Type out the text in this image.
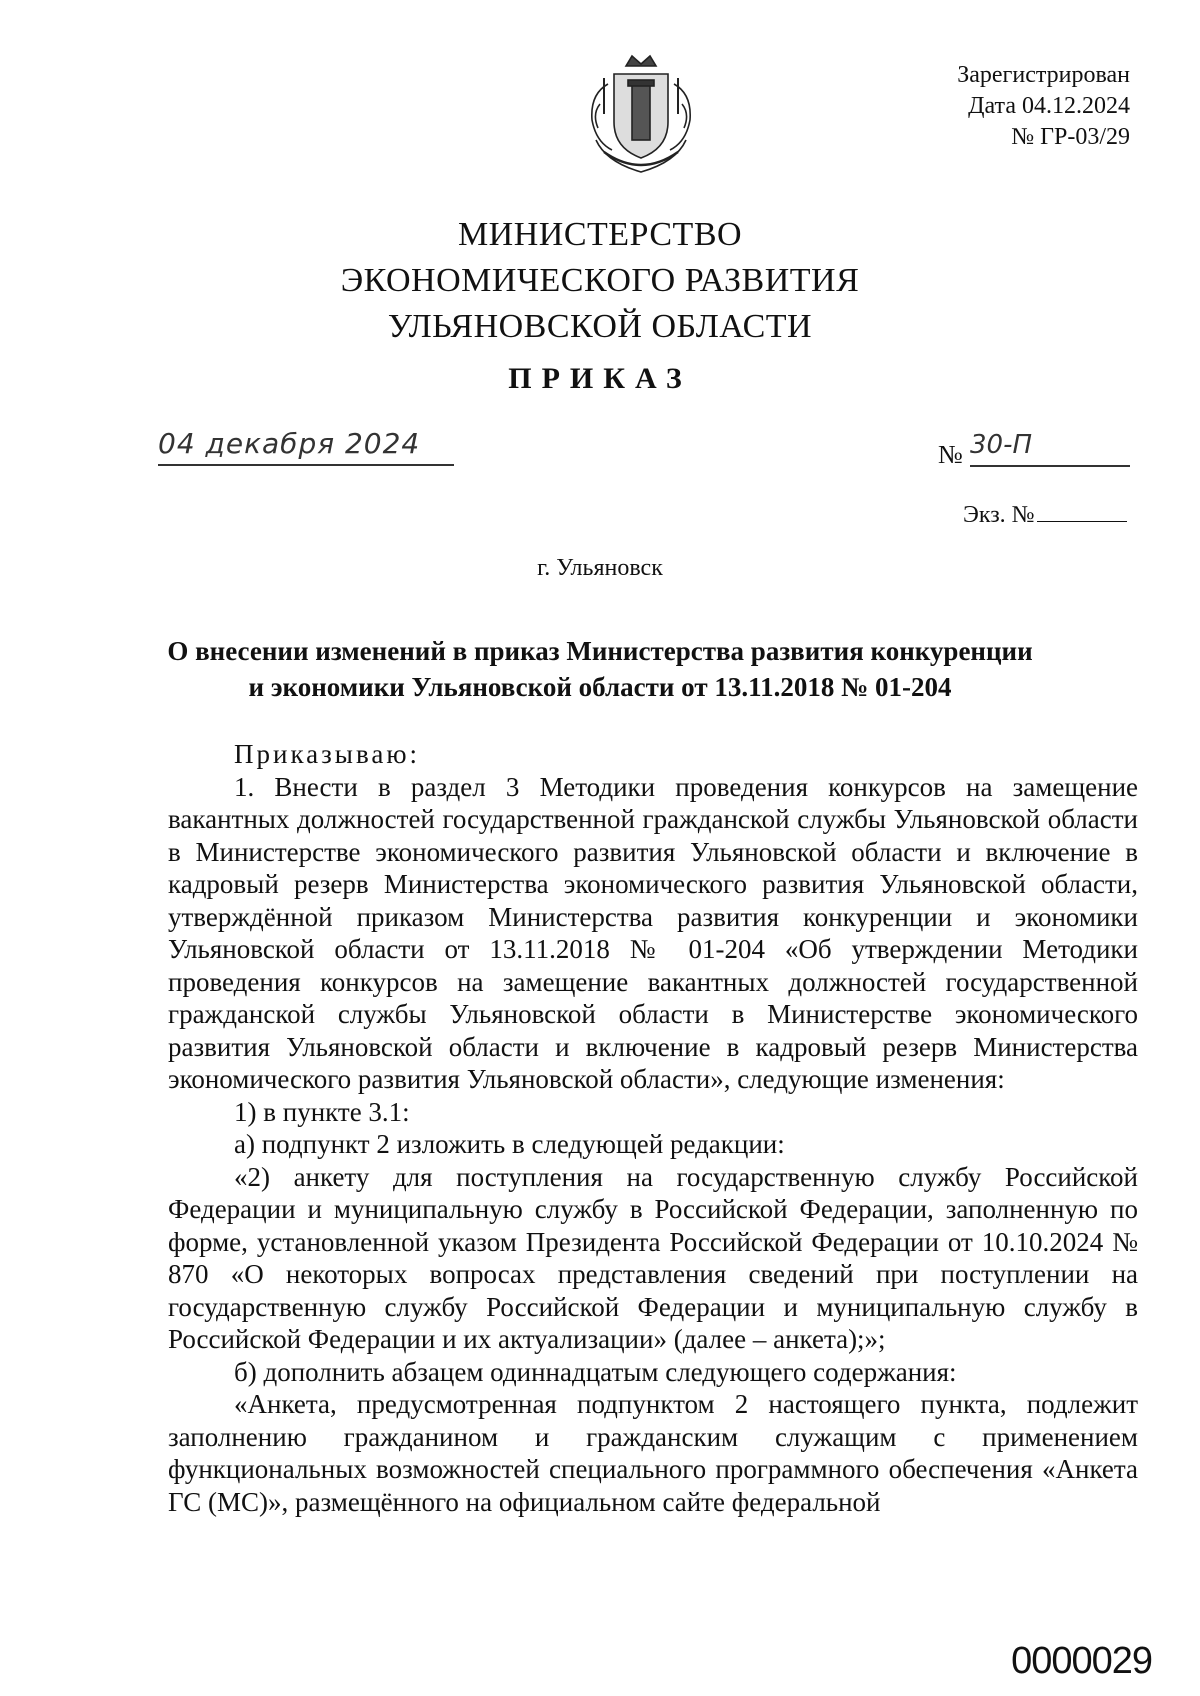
Зарегистрирован
Дата 04.12.2024
№ ГР-03/29
МИНИСТЕРСТВО
ЭКОНОМИЧЕСКОГО РАЗВИТИЯ
УЛЬЯНОВСКОЙ ОБЛАСТИ
ПРИКАЗ
04 декабря 2024	№ 30-П
Экз. №
г. Ульяновск
О внесении изменений в приказ Министерства развития конкуренции
и экономики Ульяновской области от 13.11.2018 № 01-204

Приказываю:

1. Внести в раздел 3 Методики проведения конкурсов на замещение вакантных должностей государственной гражданской службы Ульяновской области в Министерстве экономического развития Ульяновской области и включение в кадровый резерв Министерства экономического развития Ульяновской области, утверждённой приказом Министерства развития конкуренции и экономики Ульяновской области от 13.11.2018 № 01-204 «Об утверждении Методики проведения конкурсов на замещение вакантных должностей государственной гражданской службы Ульяновской области в Министерстве экономического развития Ульяновской области и включение в кадровый резерв Министерства экономического развития Ульяновской области», следующие изменения:

1) в пункте 3.1:

а) подпункт 2 изложить в следующей редакции:

«2) анкету для поступления на государственную службу Российской Федерации и муниципальную службу в Российской Федерации, заполненную по форме, установленной указом Президента Российской Федерации от 10.10.2024 № 870 «О некоторых вопросах представления сведений при поступлении на государственную службу Российской Федерации и муниципальную службу в Российской Федерации и их актуализации» (далее – анкета);»;

б) дополнить абзацем одиннадцатым следующего содержания:

«Анкета, предусмотренная подпунктом 2 настоящего пункта, подлежит заполнению гражданином и гражданским служащим с применением функциональных возможностей специального программного обеспечения «Анкета ГС (МС)», размещённого на официальном сайте федеральной

0000029
